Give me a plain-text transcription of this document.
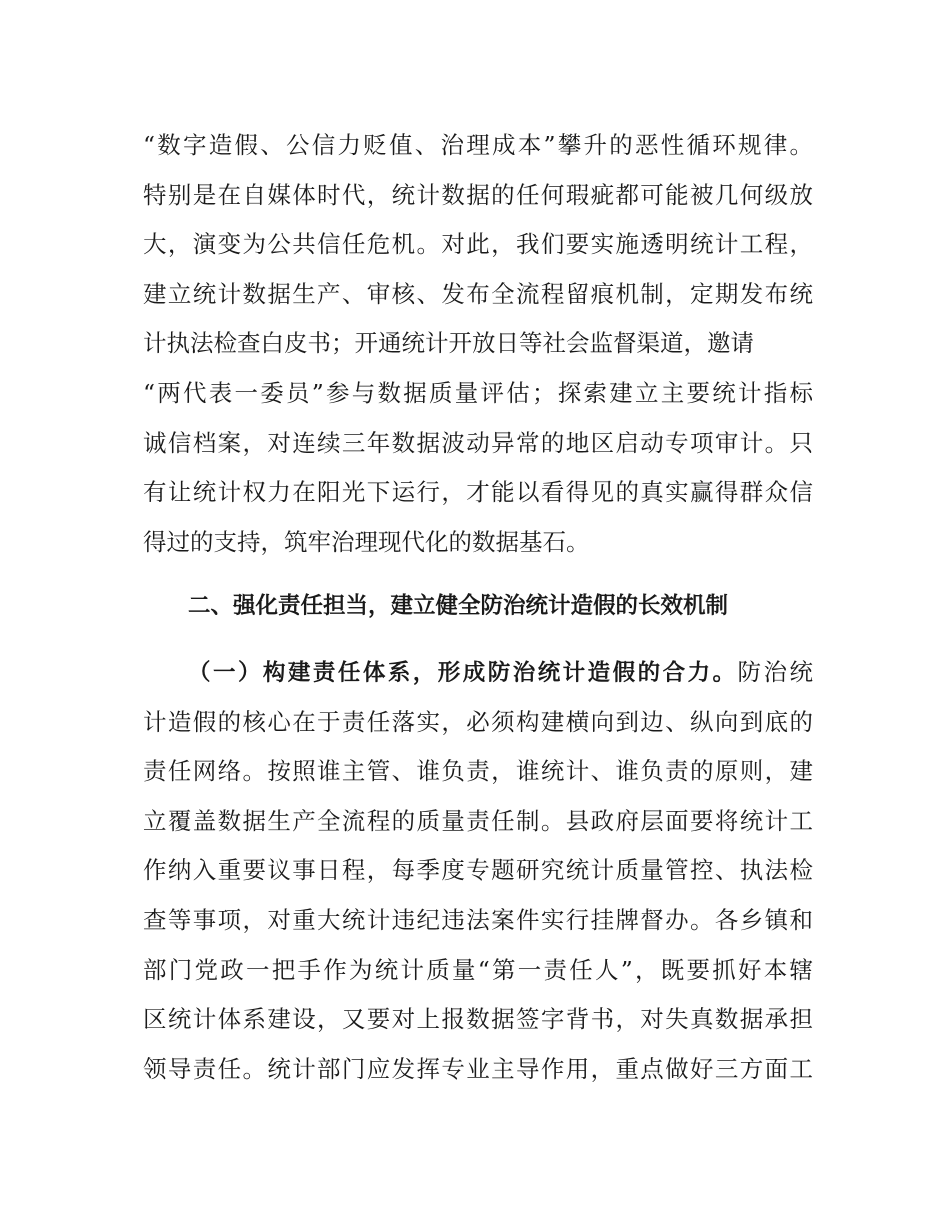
“数字造假、公信力贬值、治理成本”攀升的恶性循环规律。
特别是在自媒体时代，统计数据的任何瑕疵都可能被几何级放
大，演变为公共信任危机。对此，我们要实施透明统计工程，
建立统计数据生产、审核、发布全流程留痕机制，定期发布统
计执法检查白皮书；开通统计开放日等社会监督渠道，邀请
“两代表一委员”参与数据质量评估；探索建立主要统计指标
诚信档案，对连续三年数据波动异常的地区启动专项审计。只
有让统计权力在阳光下运行，才能以看得见的真实赢得群众信
得过的支持，筑牢治理现代化的数据基石。
二、强化责任担当，建立健全防治统计造假的长效机制
（一）构建责任体系，形成防治统计造假的合力。防治统
计造假的核心在于责任落实，必须构建横向到边、纵向到底的
责任网络。按照谁主管、谁负责，谁统计、谁负责的原则，建
立覆盖数据生产全流程的质量责任制。县政府层面要将统计工
作纳入重要议事日程，每季度专题研究统计质量管控、执法检
查等事项，对重大统计违纪违法案件实行挂牌督办。各乡镇和
部门党政一把手作为统计质量“第一责任人”，既要抓好本辖
区统计体系建设，又要对上报数据签字背书，对失真数据承担
领导责任。统计部门应发挥专业主导作用，重点做好三方面工
